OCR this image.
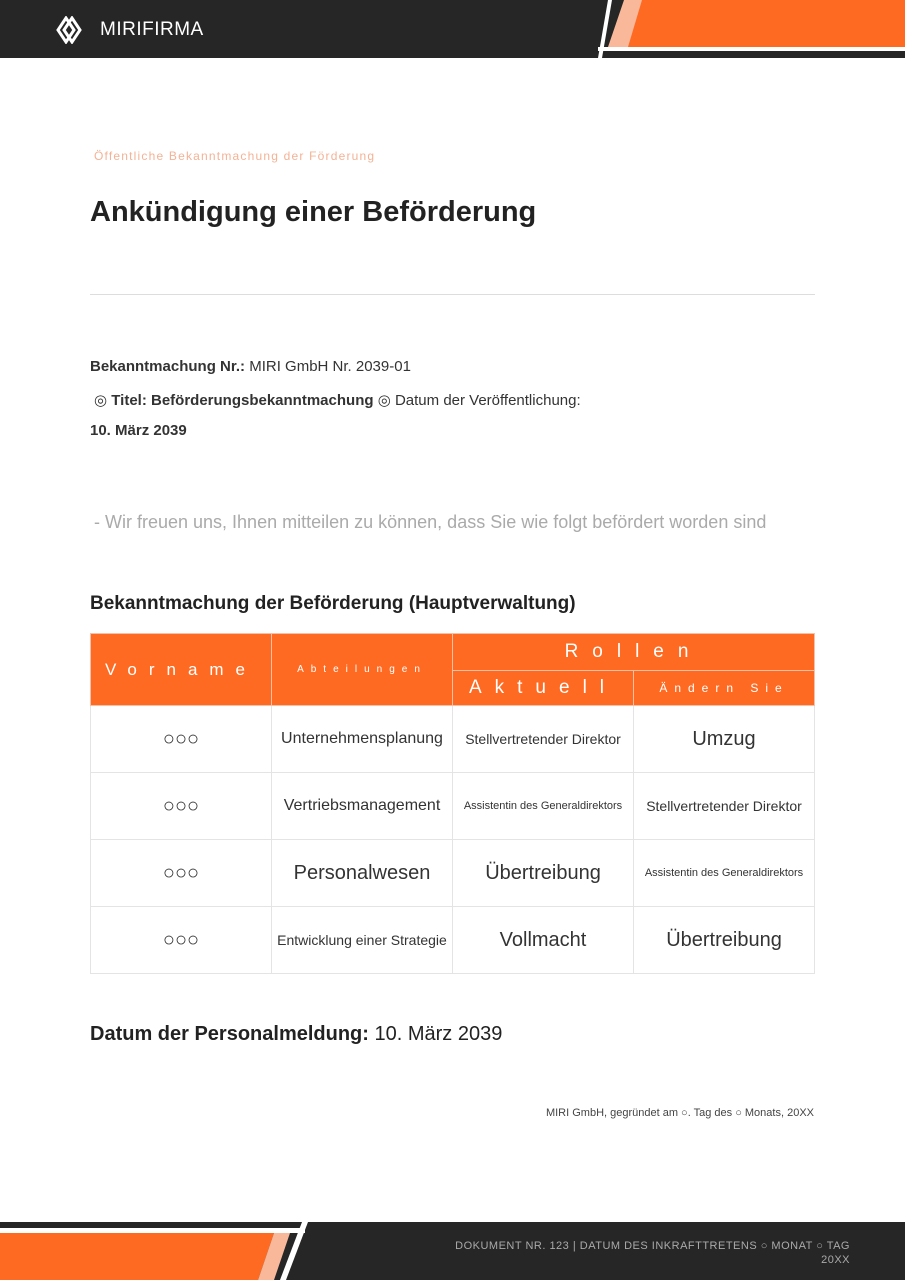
MIRIFIRMA
Öffentliche Bekanntmachung der Förderung
Ankündigung einer Beförderung
Bekanntmachung Nr.: MIRI GmbH Nr. 2039-01
◎ Titel: Beförderungsbekanntmachung ◎ Datum der Veröffentlichung:
10. März 2039
- Wir freuen uns, Ihnen mitteilen zu können, dass Sie wie folgt befördert worden sind
Bekanntmachung der Beförderung (Hauptverwaltung)
Vorname	Abteilungen	Rollen	
		Aktuell	Ändern Sie
○○○	Unternehmensplanung	Stellvertretender Direktor	Umzug
○○○	Vertriebsmanagement	Assistentin des Generaldirektors	Stellvertretender Direktor
○○○	Personalwesen	Übertreibung	Assistentin des Generaldirektors
○○○	Entwicklung einer Strategie	Vollmacht	Übertreibung
Datum der Personalmeldung: 10. März 2039
MIRI GmbH, gegründet am ○. Tag des ○ Monats, 20XX
DOKUMENT NR. 123 | DATUM DES INKRAFTTRETENS ○ MONAT ○ TAG 20XX
